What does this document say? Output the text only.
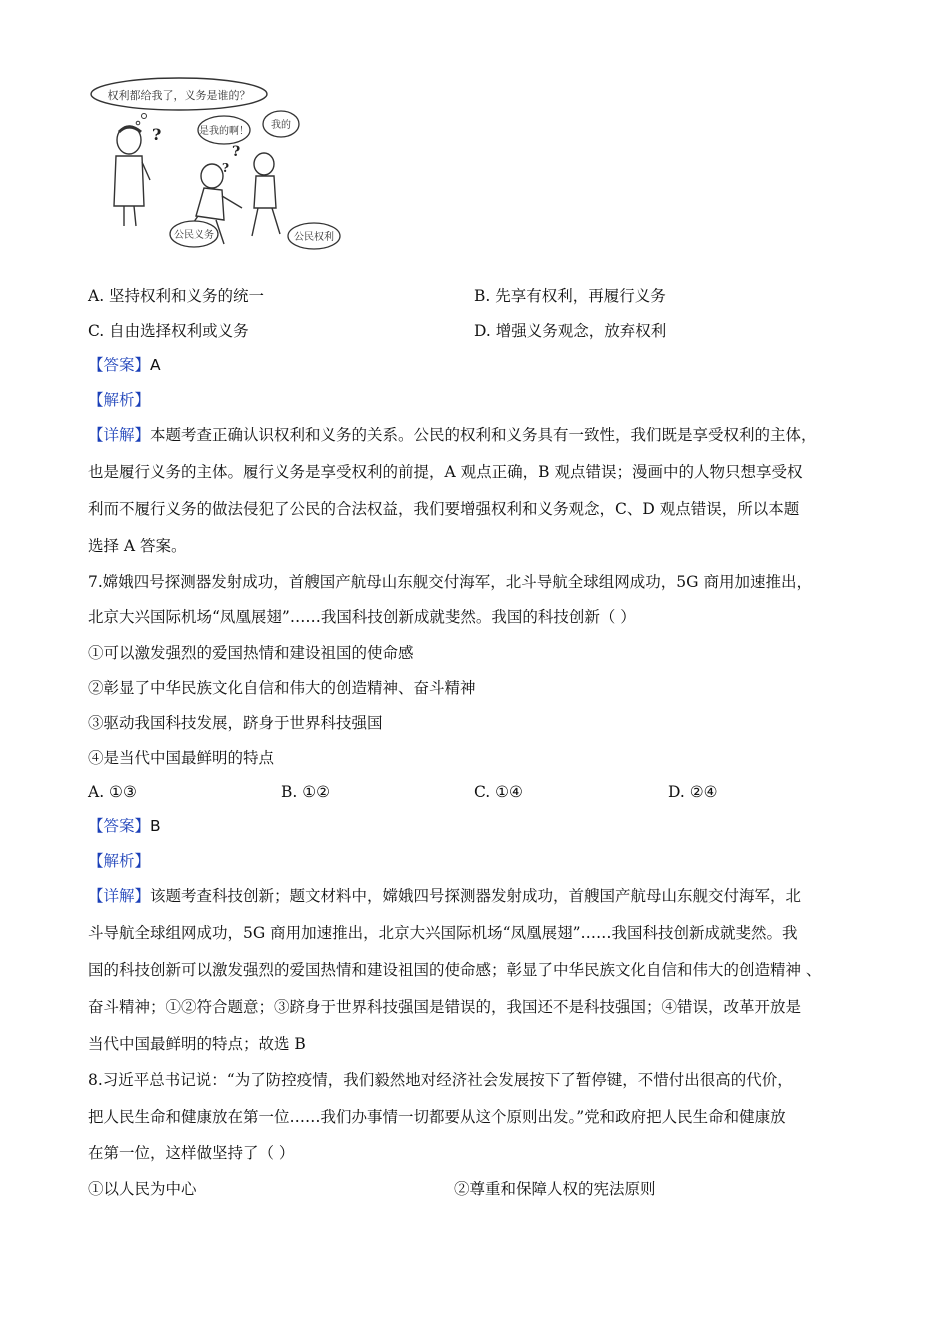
权利都给我了，义务是谁的？
?
?
?
是我的啊！
我的
公民义务	公民权利
A. 坚持权利和义务的统一	B. 先享有权利，再履行义务
C. 自由选择权利或义务	D. 增强义务观念，放弃权利
【答案】A
【解析】
【详解】本题考查正确认识权利和义务的关系。公民的权利和义务具有一致性，我们既是享受权利的主体，
也是履行义务的主体。履行义务是享受权利的前提，A 观点正确，B 观点错误；漫画中的人物只想享受权
利而不履行义务的做法侵犯了公民的合法权益，我们要增强权利和义务观念，C、D 观点错误，所以本题
选择 A 答案。
7.嫦娥四号探测器发射成功，首艘国产航母山东舰交付海军，北斗导航全球组网成功，5G 商用加速推出，
北京大兴国际机场“凤凰展翅”……我国科技创新成就斐然。我国的科技创新（ ）
①可以激发强烈的爱国热情和建设祖国的使命感
②彰显了中华民族文化自信和伟大的创造精神、奋斗精神
③驱动我国科技发展，跻身于世界科技强国
④是当代中国最鲜明的特点
A. ①③	B. ①②	C. ①④	D. ②④
【答案】B
【解析】
【详解】该题考查科技创新；题文材料中，嫦娥四号探测器发射成功，首艘国产航母山东舰交付海军，北
斗导航全球组网成功，5G 商用加速推出，北京大兴国际机场“凤凰展翅”……我国科技创新成就斐然。我
国的科技创新可以激发强烈的爱国热情和建设祖国的使命感；彰显了中华民族文化自信和伟大的创造精神 、
奋斗精神；①②符合题意；③跻身于世界科技强国是错误的，我国还不是科技强国；④错误，改革开放是
当代中国最鲜明的特点；故选 B
8.习近平总书记说：“为了防控疫情，我们毅然地对经济社会发展按下了暂停键，不惜付出很高的代价，
把人民生命和健康放在第一位……我们办事情一切都要从这个原则出发。”党和政府把人民生命和健康放
在第一位，这样做坚持了（ ）
①以人民为中心	②尊重和保障人权的宪法原则
